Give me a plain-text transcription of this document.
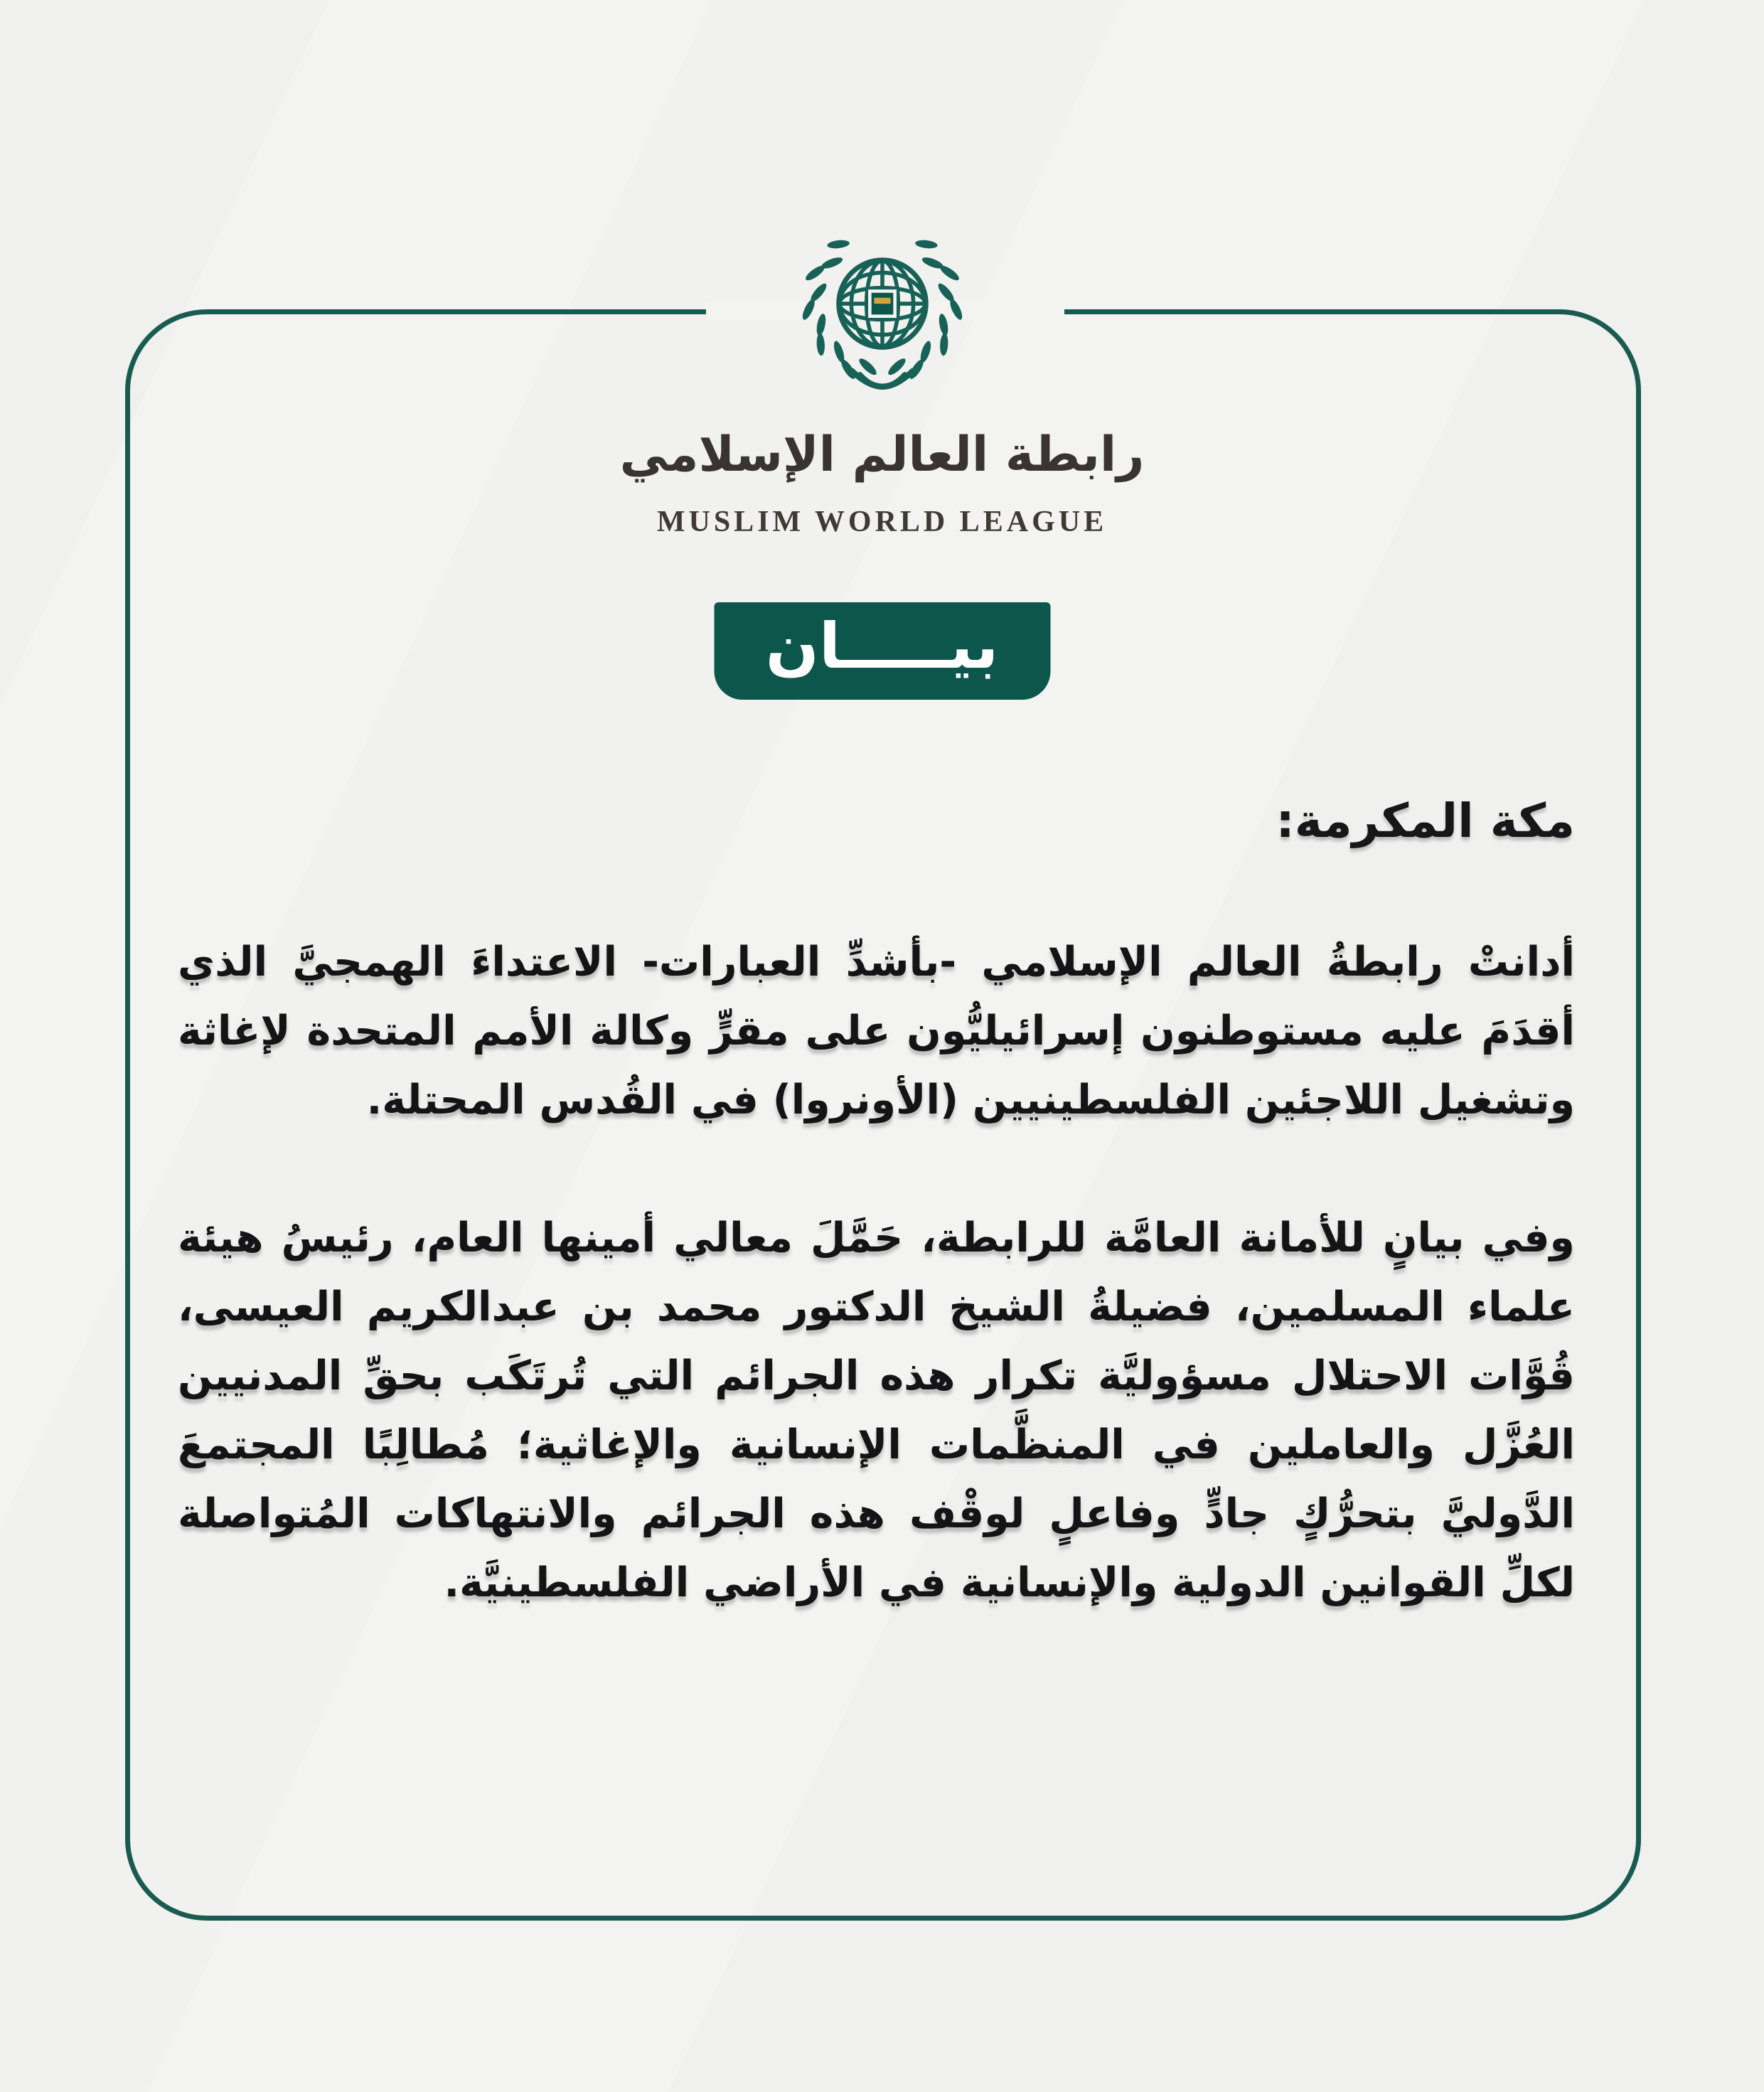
رابطة العالم الإسلامي
MUSLIM WORLD LEAGUE
بيـــــان
مكة المكرمة:

أدانتْ رابطةُ العالم الإسلامي -بأشدِّ العبارات- الاعتداءَ الهمجيَّ الذي أقدَمَ عليه مستوطنون إسرائيليُّون على مقرٍّ وكالة الأمم المتحدة لإغاثة وتشغيل اللاجئين الفلسطينيين (الأونروا) في القُدس المحتلة.

وفي بيانٍ للأمانة العامَّة للرابطة، حَمَّلَ معالي أمينها العام، رئيسُ هيئة علماء المسلمين، فضيلةُ الشيخ الدكتور محمد بن عبدالكريم العيسى، قُوَّات الاحتلال مسؤوليَّة تكرار هذه الجرائم التي تُرتَكَب بحقِّ المدنيين العُزَّل والعاملين في المنظَّمات الإنسانية والإغاثية؛ مُطالِبًا المجتمعَ الدَّوليَّ بتحرُّكٍ جادٍّ وفاعلٍ لوقْف هذه الجرائم والانتهاكات المُتواصلة لكلِّ القوانين الدولية والإنسانية في الأراضي الفلسطينيَّة.
